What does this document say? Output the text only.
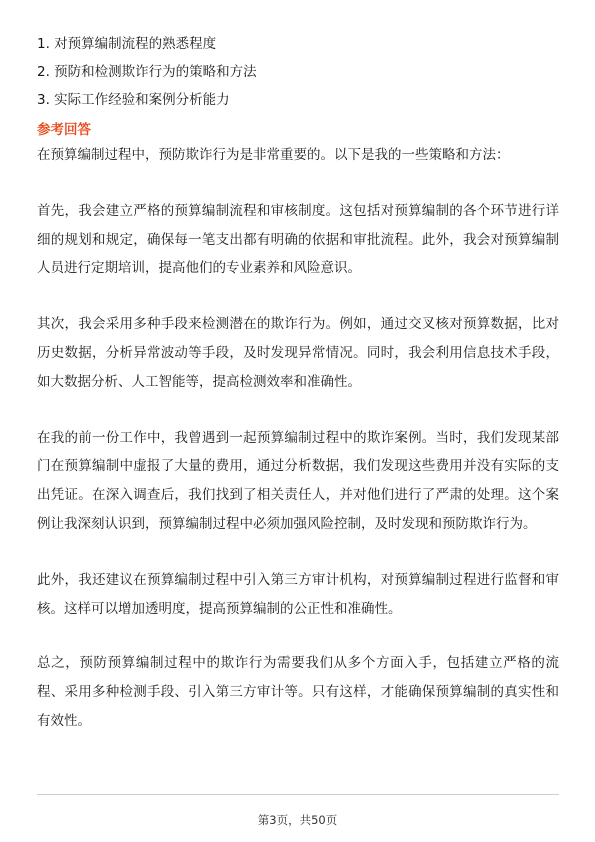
1. 对预算编制流程的熟悉程度
2. 预防和检测欺诈行为的策略和方法
3. 实际工作经验和案例分析能力
参考回答

在预算编制过程中，预防欺诈行为是非常重要的。以下是我的一些策略和方法：

首先，我会建立严格的预算编制流程和审核制度。这包括对预算编制的各个环节进行详细的规划和规定，确保每一笔支出都有明确的依据和审批流程。此外，我会对预算编制人员进行定期培训，提高他们的专业素养和风险意识。

其次，我会采用多种手段来检测潜在的欺诈行为。例如，通过交叉核对预算数据，比对历史数据，分析异常波动等手段，及时发现异常情况。同时，我会利用信息技术手段，如大数据分析、人工智能等，提高检测效率和准确性。

在我的前一份工作中，我曾遇到一起预算编制过程中的欺诈案例。当时，我们发现某部门在预算编制中虚报了大量的费用，通过分析数据，我们发现这些费用并没有实际的支出凭证。在深入调查后，我们找到了相关责任人，并对他们进行了严肃的处理。这个案例让我深刻认识到，预算编制过程中必须加强风险控制，及时发现和预防欺诈行为。

此外，我还建议在预算编制过程中引入第三方审计机构，对预算编制过程进行监督和审核。这样可以增加透明度，提高预算编制的公正性和准确性。

总之，预防预算编制过程中的欺诈行为需要我们从多个方面入手，包括建立严格的流程、采用多种检测手段、引入第三方审计等。只有这样，才能确保预算编制的真实性和有效性。

第3页，共50页
